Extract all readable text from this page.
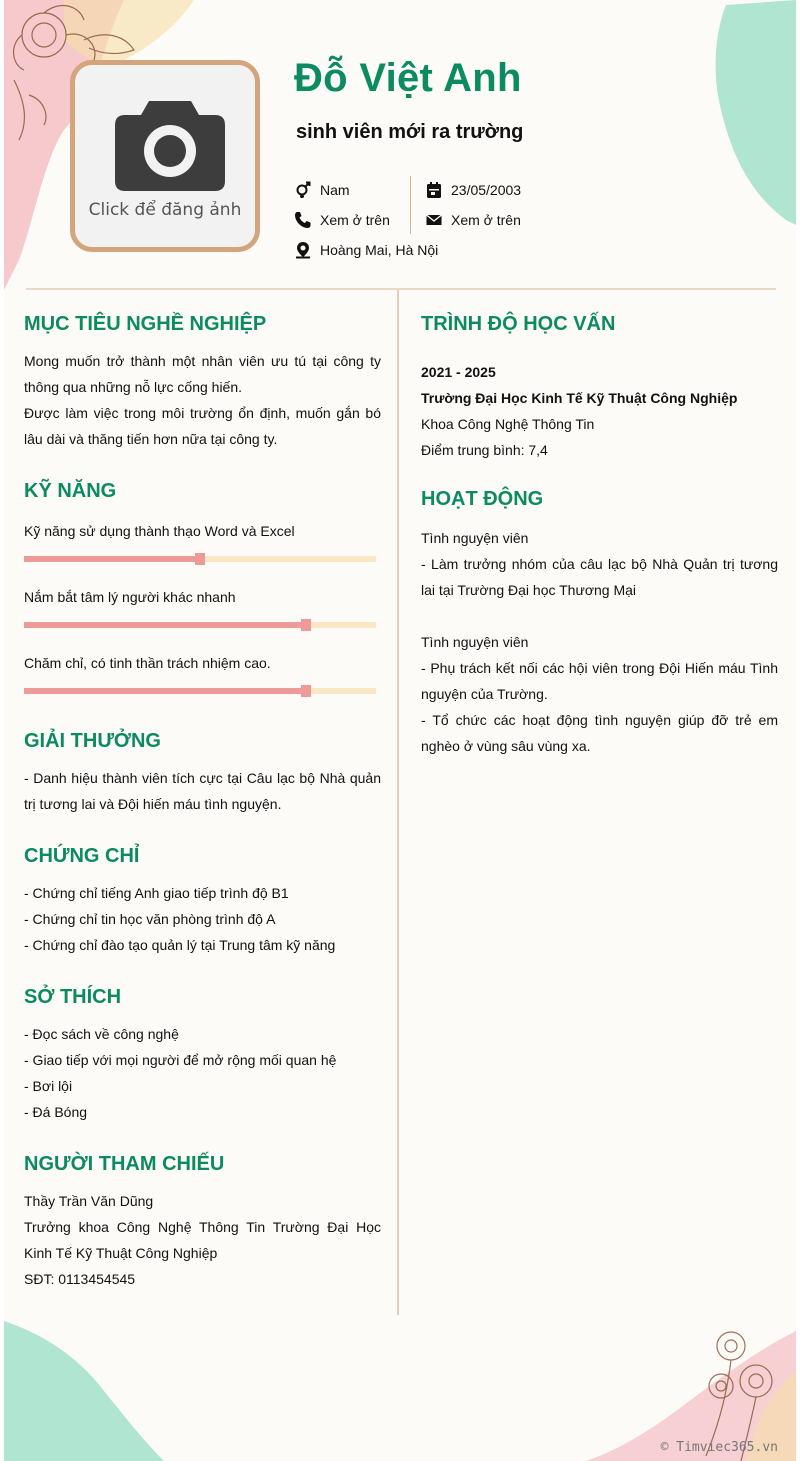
Click để đăng ảnh
Đỗ Việt Anh
sinh viên mới ra trường
Nam
Xem ở trên
Hoàng Mai, Hà Nội
23/05/2003
Xem ở trên
MỤC TIÊU NGHỀ NGHIỆP

Mong muốn trở thành một nhân viên ưu tú tại công ty thông qua những nỗ lực cống hiến.

Được làm việc trong môi trường ổn định, muốn gắn bó lâu dài và thăng tiến hơn nữa tại công ty.

KỸ NĂNG
Kỹ năng sử dụng thành thạo Word và Excel
Nắm bắt tâm lý người khác nhanh
Chăm chỉ, có tinh thần trách nhiệm cao.
GIẢI THƯỞNG

- Danh hiệu thành viên tích cực tại Câu lạc bộ Nhà quản trị tương lai và Đội hiến máu tình nguyện.

CHỨNG CHỈ

- Chứng chỉ tiếng Anh giao tiếp trình độ B1

- Chứng chỉ tin học văn phòng trình độ A

- Chứng chỉ đào tạo quản lý tại Trung tâm kỹ năng

SỞ THÍCH

- Đọc sách về công nghệ

- Giao tiếp với mọi người để mở rộng mối quan hệ

- Bơi lội

- Đá Bóng

NGƯỜI THAM CHIẾU

Thầy Trần Văn Dũng

Trưởng khoa Công Nghệ Thông Tin Trường Đại Học Kinh Tế Kỹ Thuật Công Nghiệp

SĐT: 0113454545

TRÌNH ĐỘ HỌC VẤN

2021 - 2025

Trường Đại Học Kinh Tế Kỹ Thuật Công Nghiệp

Khoa Công Nghệ Thông Tin

Điểm trung bình: 7,4

HOẠT ĐỘNG

Tình nguyện viên

- Làm trưởng nhóm của câu lạc bộ Nhà Quản trị tương lai tại Trường Đại học Thương Mại

Tình nguyện viên

- Phụ trách kết nối các hội viên trong Đội Hiến máu Tình nguyện của Trường.

- Tổ chức các hoạt động tình nguyện giúp đỡ trẻ em nghèo ở vùng sâu vùng xa.

© Timviec365.vn
